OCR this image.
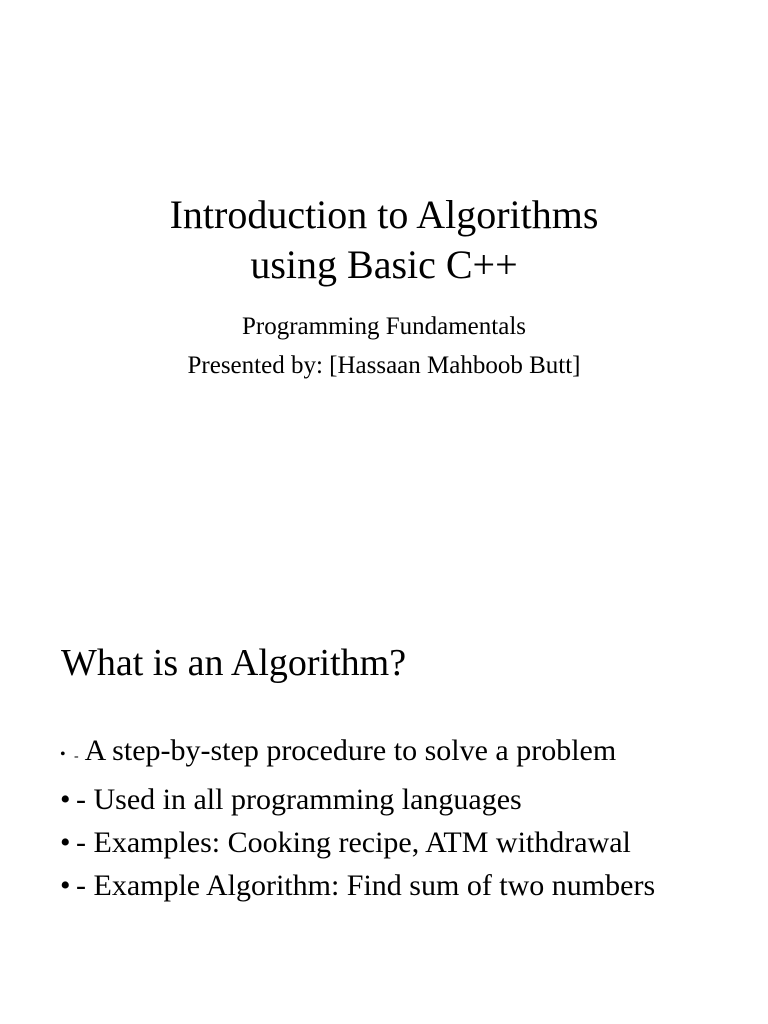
Introduction to Algorithms
using Basic C++
Programming Fundamentals
Presented by: [Hassaan Mahboob Butt]
What is an Algorithm?
• - A step-by-step procedure to solve a problem
• - Used in all programming languages
• - Examples: Cooking recipe, ATM withdrawal
• - Example Algorithm: Find sum of two numbers
